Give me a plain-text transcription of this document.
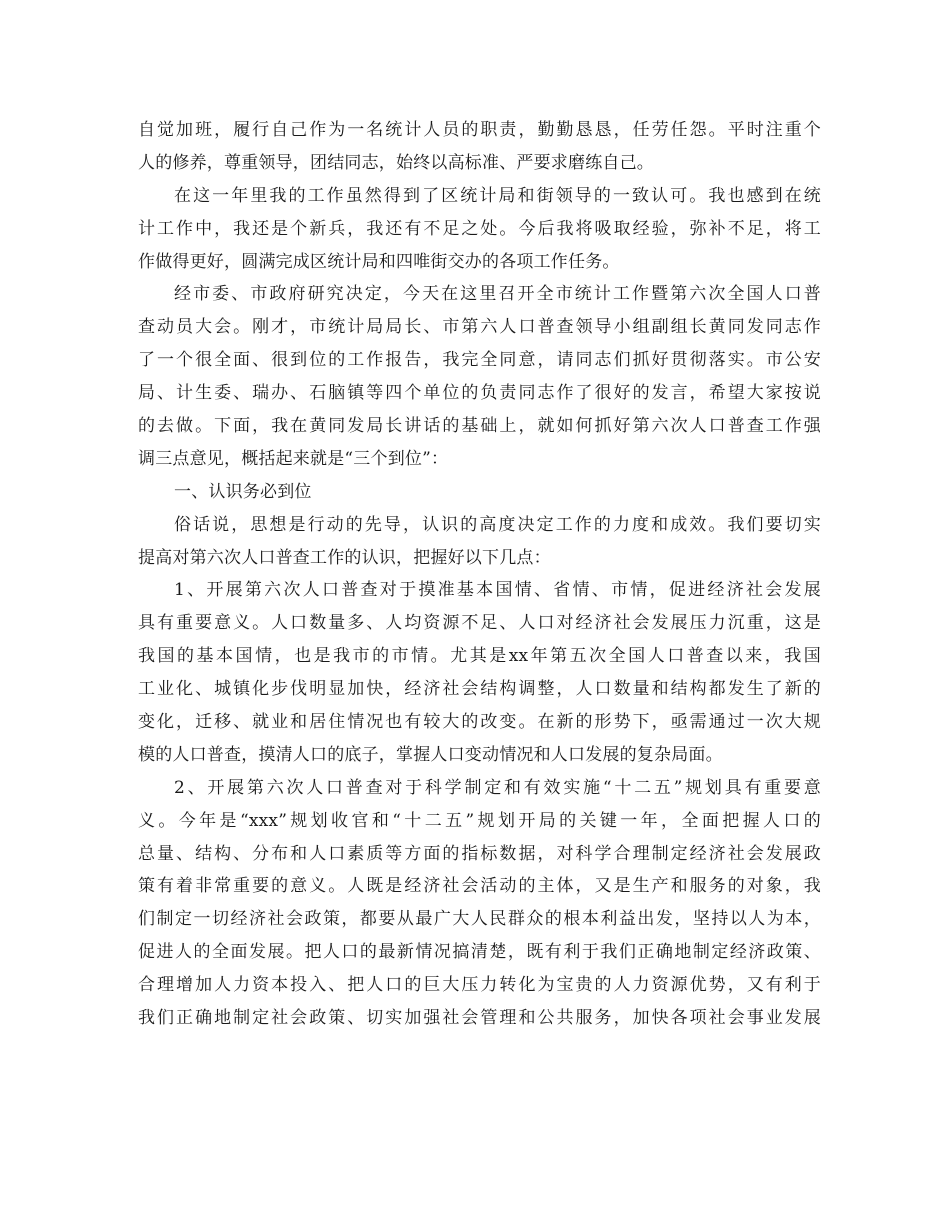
自觉加班，履行自己作为一名统计人员的职责，勤勤恳恳，任劳任怨。平时注重个
人的修养，尊重领导，团结同志，始终以高标准、严要求磨练自己。
在这一年里我的工作虽然得到了区统计局和街领导的一致认可。我也感到在统
计工作中，我还是个新兵，我还有不足之处。今后我将吸取经验，弥补不足，将工
作做得更好，圆满完成区统计局和四唯街交办的各项工作任务。
经市委、市政府研究决定，今天在这里召开全市统计工作暨第六次全国人口普
查动员大会。刚才，市统计局局长、市第六人口普查领导小组副组长黄同发同志作
了一个很全面、很到位的工作报告，我完全同意，请同志们抓好贯彻落实。市公安
局、计生委、瑞办、石脑镇等四个单位的负责同志作了很好的发言，希望大家按说
的去做。下面，我在黄同发局长讲话的基础上，就如何抓好第六次人口普查工作强
调三点意见，概括起来就是“三个到位”：
一、认识务必到位
俗话说，思想是行动的先导，认识的高度决定工作的力度和成效。我们要切实
提高对第六次人口普查工作的认识，把握好以下几点：
1、开展第六次人口普查对于摸准基本国情、省情、市情，促进经济社会发展
具有重要意义。人口数量多、人均资源不足、人口对经济社会发展压力沉重，这是
我国的基本国情，也是我市的市情。尤其是xx年第五次全国人口普查以来，我国
工业化、城镇化步伐明显加快，经济社会结构调整，人口数量和结构都发生了新的
变化，迁移、就业和居住情况也有较大的改变。在新的形势下，亟需通过一次大规
模的人口普查，摸清人口的底子，掌握人口变动情况和人口发展的复杂局面。
2、开展第六次人口普查对于科学制定和有效实施“十二五”规划具有重要意
义。今年是“xxx”规划收官和“十二五”规划开局的关键一年，全面把握人口的
总量、结构、分布和人口素质等方面的指标数据，对科学合理制定经济社会发展政
策有着非常重要的意义。人既是经济社会活动的主体，又是生产和服务的对象，我
们制定一切经济社会政策，都要从最广大人民群众的根本利益出发，坚持以人为本，
促进人的全面发展。把人口的最新情况搞清楚，既有利于我们正确地制定经济政策、
合理增加人力资本投入、把人口的巨大压力转化为宝贵的人力资源优势，又有利于
我们正确地制定社会政策、切实加强社会管理和公共服务，加快各项社会事业发展
